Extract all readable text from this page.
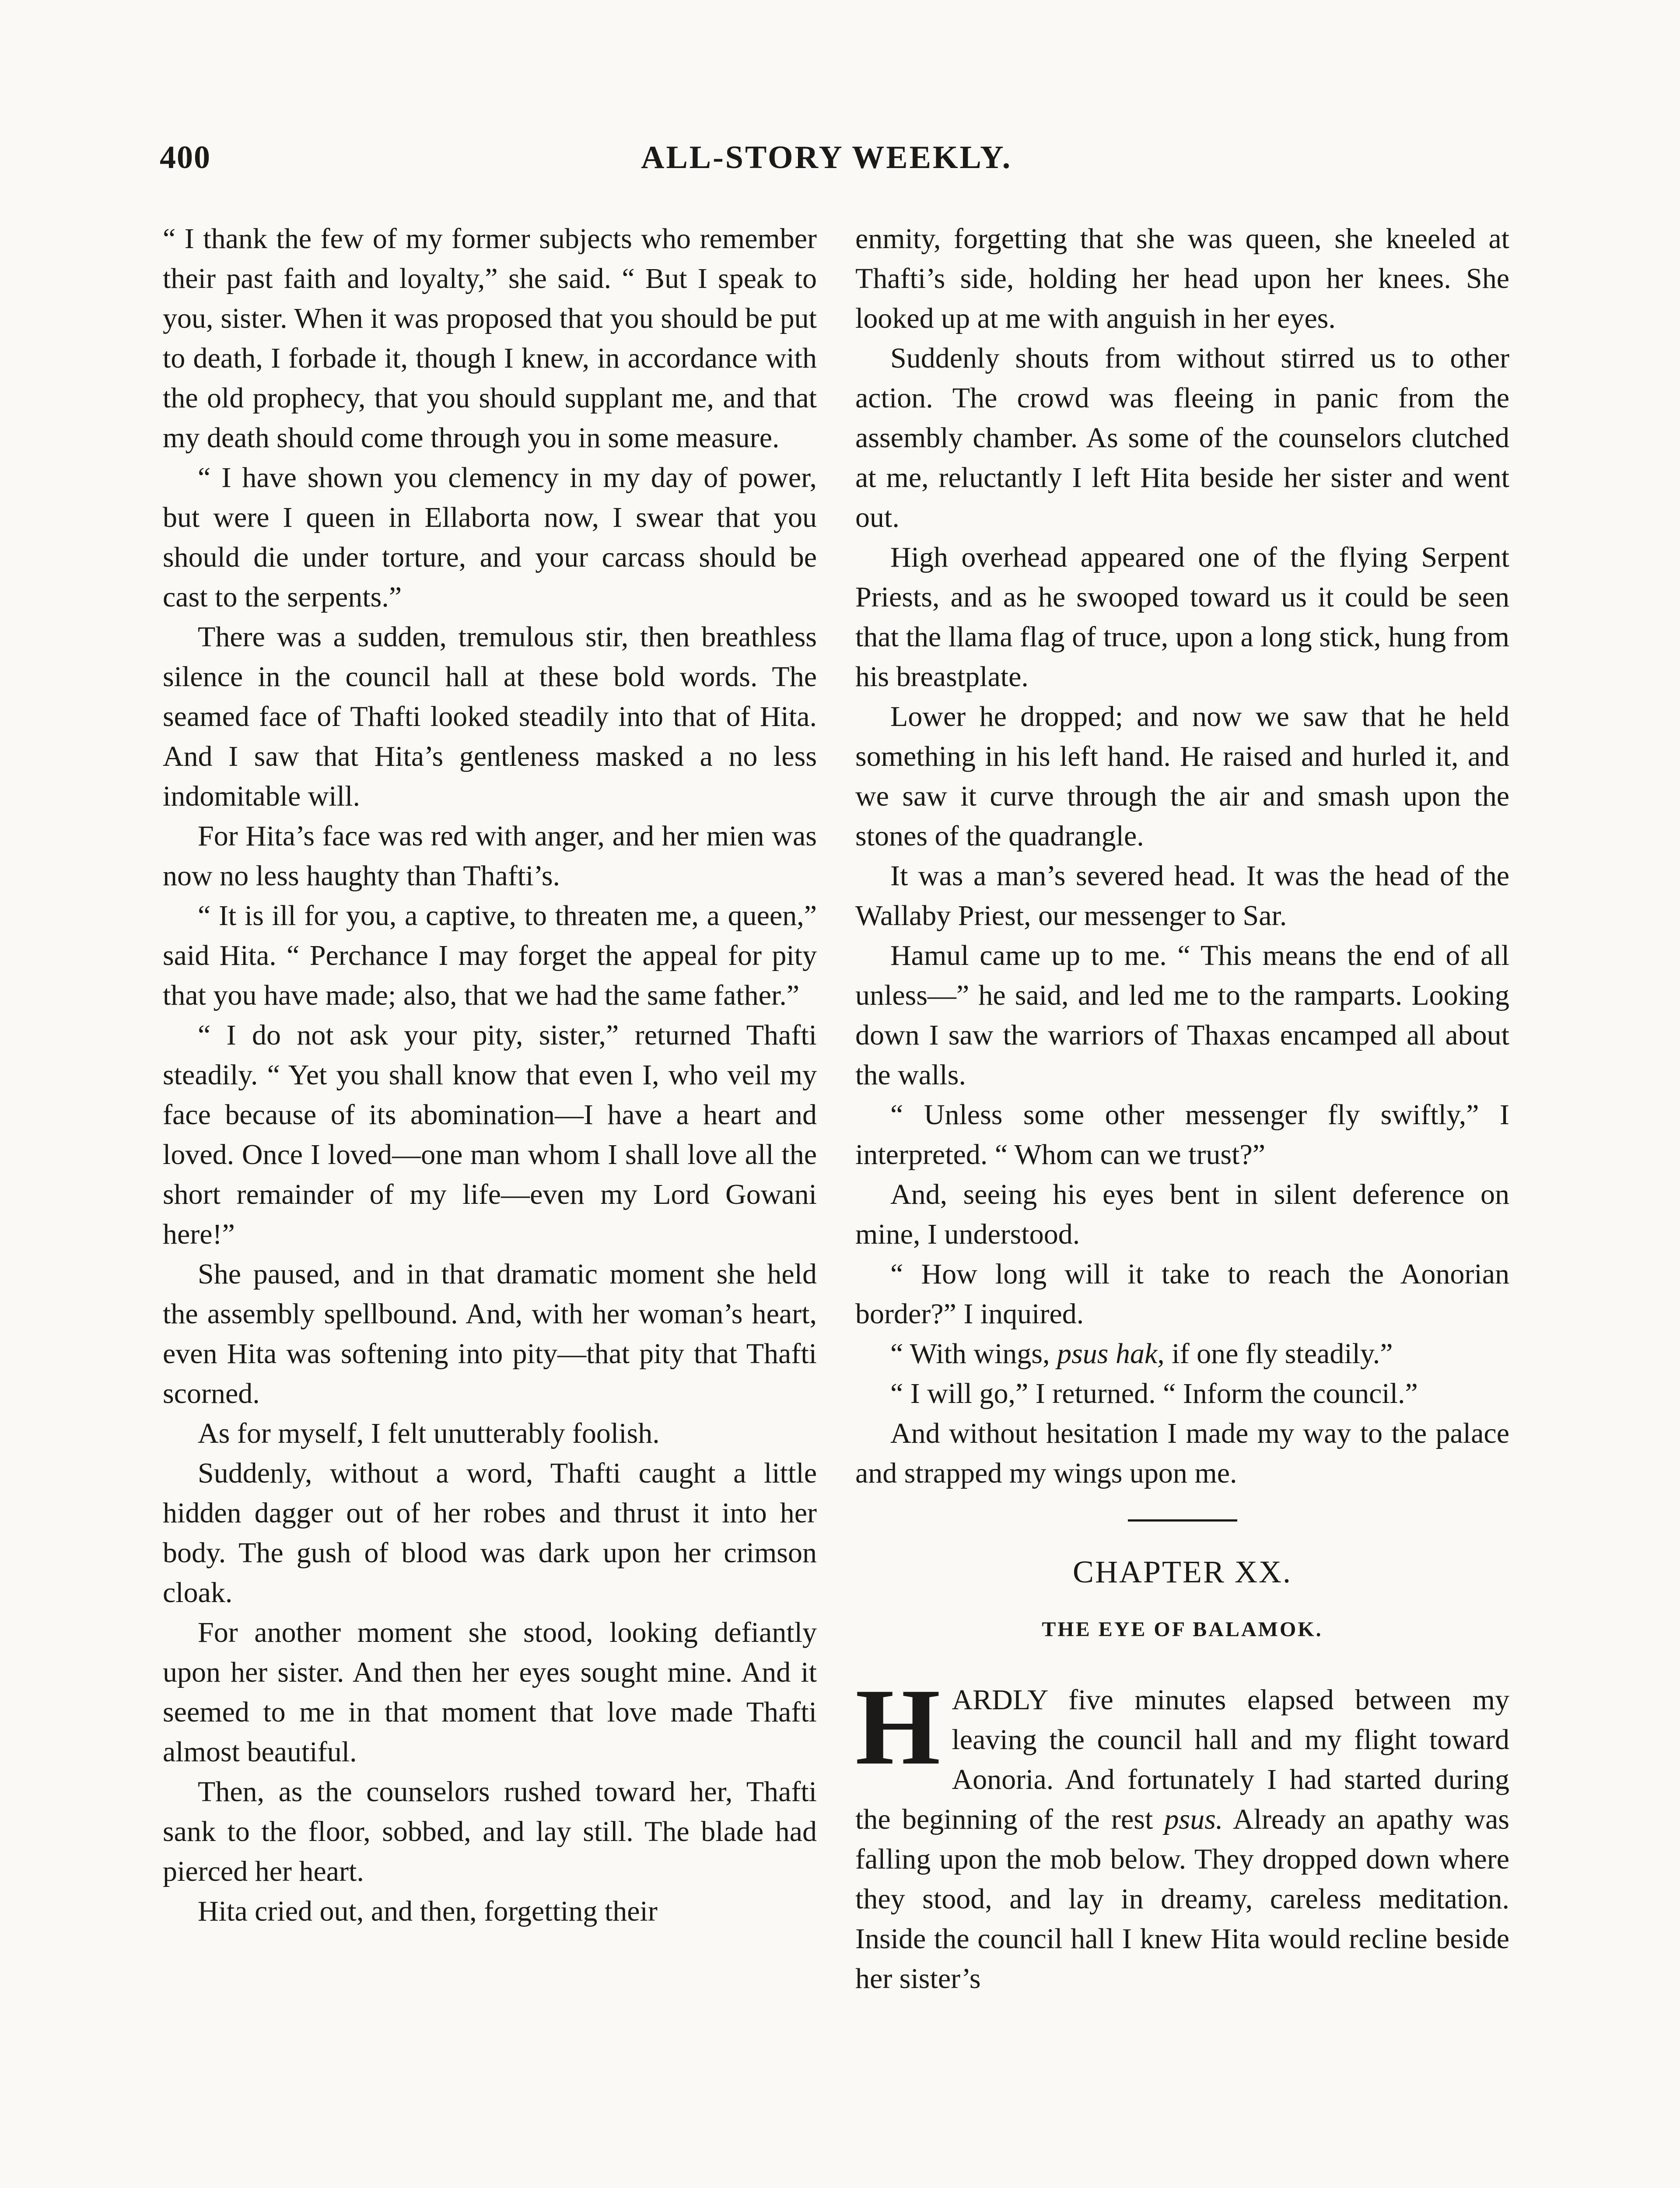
400	ALL-STORY WEEKLY.

“ I thank the few of my former subjects who remember their past faith and loyalty,” she said. “ But I speak to you, sister. When it was proposed that you should be put to death, I forbade it, though I knew, in accordance with the old prophecy, that you should supplant me, and that my death should come through you in some measure.

“ I have shown you clemency in my day of power, but were I queen in Ellaborta now, I swear that you should die under torture, and your carcass should be cast to the serpents.”

There was a sudden, tremulous stir, then breathless silence in the council hall at these bold words. The seamed face of Thafti looked steadily into that of Hita. And I saw that Hita’s gentleness masked a no less indomitable will.

For Hita’s face was red with anger, and her mien was now no less haughty than Thafti’s.

“ It is ill for you, a captive, to threaten me, a queen,” said Hita. “ Perchance I may forget the appeal for pity that you have made; also, that we had the same father.”

“ I do not ask your pity, sister,” returned Thafti steadily. “ Yet you shall know that even I, who veil my face because of its abomination—I have a heart and loved. Once I loved—one man whom I shall love all the short remainder of my life—even my Lord Gowani here!”

She paused, and in that dramatic moment she held the assembly spellbound. And, with her woman’s heart, even Hita was softening into pity—that pity that Thafti scorned.

As for myself, I felt unutterably foolish.

Suddenly, without a word, Thafti caught a little hidden dagger out of her robes and thrust it into her body. The gush of blood was dark upon her crimson cloak.

For another moment she stood, looking defiantly upon her sister. And then her eyes sought mine. And it seemed to me in that moment that love made Thafti almost beautiful.

Then, as the counselors rushed toward her, Thafti sank to the floor, sobbed, and lay still. The blade had pierced her heart.

Hita cried out, and then, forgetting their

enmity, forgetting that she was queen, she kneeled at Thafti’s side, holding her head upon her knees. She looked up at me with anguish in her eyes.

Suddenly shouts from without stirred us to other action. The crowd was fleeing in panic from the assembly chamber. As some of the counselors clutched at me, reluctantly I left Hita beside her sister and went out.

High overhead appeared one of the flying Serpent Priests, and as he swooped toward us it could be seen that the llama flag of truce, upon a long stick, hung from his breastplate.

Lower he dropped; and now we saw that he held something in his left hand. He raised and hurled it, and we saw it curve through the air and smash upon the stones of the quadrangle.

It was a man’s severed head. It was the head of the Wallaby Priest, our messenger to Sar.

Hamul came up to me. “ This means the end of all unless—” he said, and led me to the ramparts. Looking down I saw the warriors of Thaxas encamped all about the walls.

“ Unless some other messenger fly swiftly,” I interpreted. “ Whom can we trust?”

And, seeing his eyes bent in silent deference on mine, I understood.

“ How long will it take to reach the Aonorian border?” I inquired.

“ With wings, psus hak, if one fly steadily.”

“ I will go,” I returned. “ Inform the council.”

And without hesitation I made my way to the palace and strapped my wings upon me.

CHAPTER XX.
THE EYE OF BALAMOK.

HARDLY five minutes elapsed between my leaving the council hall and my flight toward Aonoria. And fortunately I had started during the beginning of the rest psus. Already an apathy was falling upon the mob below. They dropped down where they stood, and lay in dreamy, careless meditation. Inside the council hall I knew Hita would recline beside her sister’s
